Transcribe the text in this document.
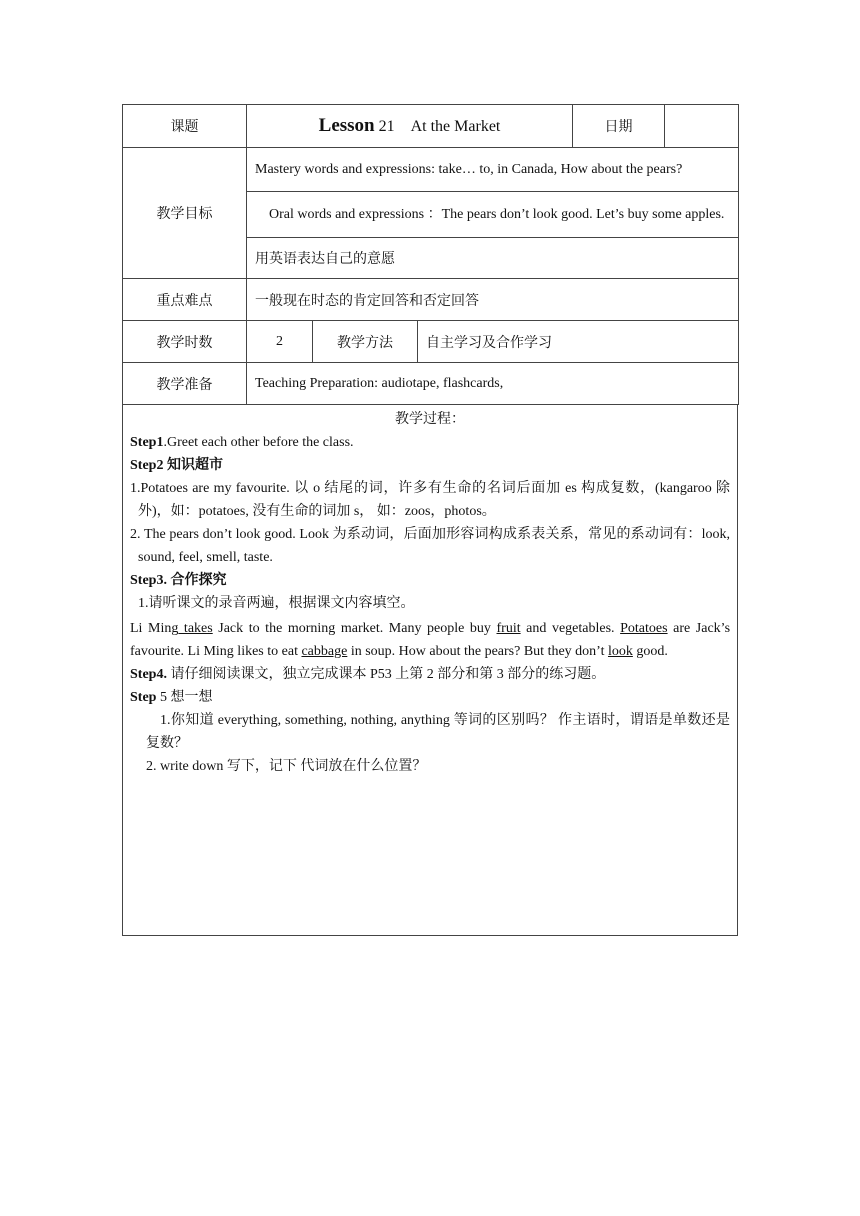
课题	Lesson 21 At the Market			日期	
教学目标	Mastery words and expressions: take… to, in Canada, How about the pears?				
	Oral words and expressions ：The pears don’t look good. Let’s buy some apples.				
	用英语表达自己的意愿				
重点难点	一般现在时态的肯定回答和否定回答				
教学时数	2	教学方法	自主学习及合作学习		
教学准备	Teaching Preparation: audiotape, flashcards,				

教学过程：

Step1.Greet each other before the class.

Step2 知识超市

1.Potatoes are my favourite. 以 o 结尾的词，许多有生命的名词后面加 es 构成复数，(kangaroo 除外)，如：potatoes, 没有生命的词加 s， 如：zoos，photos。

2. The pears don’t look good. Look 为系动词，后面加形容词构成系表关系，常见的系动词有：look, sound, feel, smell, taste.

Step3. 合作探究

1.请听课文的录音两遍，根据课文内容填空。

Li Ming takes Jack to the morning market. Many people buy fruit and vegetables. Potatoes are Jack’s favourite. Li Ming likes to eat cabbage in soup. How about the pears? But they don’t look good.

Step4. 请仔细阅读课文，独立完成课本 P53 上第 2 部分和第 3 部分的练习题。

Step 5 想一想

1.你知道 everything, something, nothing, anything 等词的区别吗？ 作主语时，谓语是单数还是复数？

2. write down 写下，记下 代词放在什么位置？
